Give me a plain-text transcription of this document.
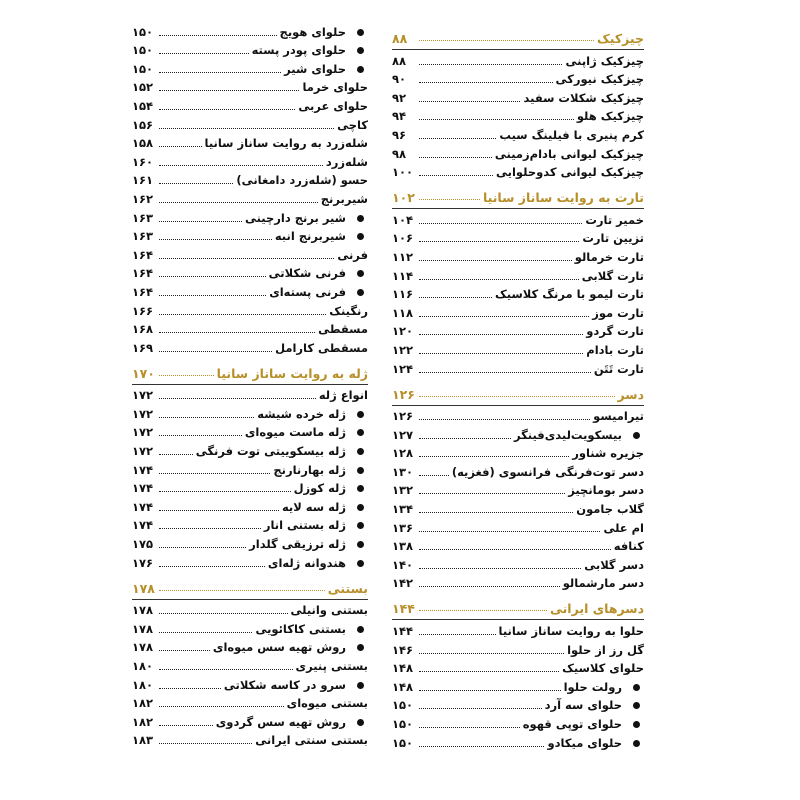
۸۸	چیزکیک
۸۸	چیزکیک ژاپنی
۹۰	چیزکیک نیورکی
۹۲	چیزکیک شکلات سفید
۹۴	چیزکیک هلو
۹۶	کرم پنیری با فیلینگ سیب
۹۸	چیزکیک لیوانی بادام‌زمینی
۱۰۰	چیزکیک لیوانی کدوحلوایی
۱۰۲	تارت به روایت ساناز سانیا
۱۰۴	خمیر تارت
۱۰۶	تزیین تارت
۱۱۲	تارت خرمالو
۱۱۴	تارت گلابی
۱۱۶	تارت لیمو با مرنگ کلاسیک
۱۱۸	تارت موز
۱۲۰	تارت گردو
۱۲۲	تارت بادام
۱۲۴	تارت تَتَن
۱۲۶	دسر
۱۲۶	تیرامیسو
۱۲۷	بیسکویت‌لیدی‌فینگر
۱۲۸	جزیره شناور
۱۳۰	دسر توت‌فرنگی فرانسوی (فغزیه)
۱۳۲	دسر بومانچیز
۱۳۴	گلاب جامون
۱۳۶	ام علی
۱۳۸	کنافه
۱۴۰	دسر گلابی
۱۴۲	دسر مارشمالو
۱۴۴	دسرهای ایرانی
۱۴۴	حلوا به روایت ساناز سانیا
۱۴۶	گل رز از حلوا
۱۴۸	حلوای کلاسیک
۱۴۸	رولت حلوا
۱۵۰	حلوای سه آرد
۱۵۰	حلوای توپی قهوه
۱۵۰	حلوای میکادو
۱۵۰	حلوای هویج
۱۵۰	حلوای پودر پسته
۱۵۰	حلوای شیر
۱۵۲	حلوای خرما
۱۵۴	حلوای عربی
۱۵۶	کاچی
۱۵۸	شله‌زرد به روایت ساناز سانیا
۱۶۰	شله‌زرد
۱۶۱	حسو (شله‌زرد دامغانی)
۱۶۲	شیربرنج
۱۶۳	شیر برنج دارچینی
۱۶۳	شیربرنج انبه
۱۶۴	فرنی
۱۶۴	فرنی شکلاتی
۱۶۴	فرنی پسته‌ای
۱۶۶	رنگینک
۱۶۸	مسقطی
۱۶۹	مسقطی کارامل
۱۷۰	ژله به روایت ساناز سانیا
۱۷۲	انواع ژله
۱۷۲	ژله خرده شیشه
۱۷۲	ژله ماست میوه‌ای
۱۷۲	ژله بیسکوییتی توت فرنگی
۱۷۴	ژله بهارنارنج
۱۷۴	ژله کوزل
۱۷۴	ژله سه لایه
۱۷۴	ژله بستنی انار
۱۷۵	ژله ترزیقی گلدار
۱۷۶	هندوانه ژله‌ای
۱۷۸	بستنی
۱۷۸	بستنی وانیلی
۱۷۸	بستنی کاکائویی
۱۷۸	روش تهیه سس میوه‌ای
۱۸۰	بستنی پنیری
۱۸۰	سرو در کاسه شکلاتی
۱۸۲	بستنی میوه‌ای
۱۸۲	روش تهیه سس گردوی
۱۸۳	بستنی سنتی ایرانی
